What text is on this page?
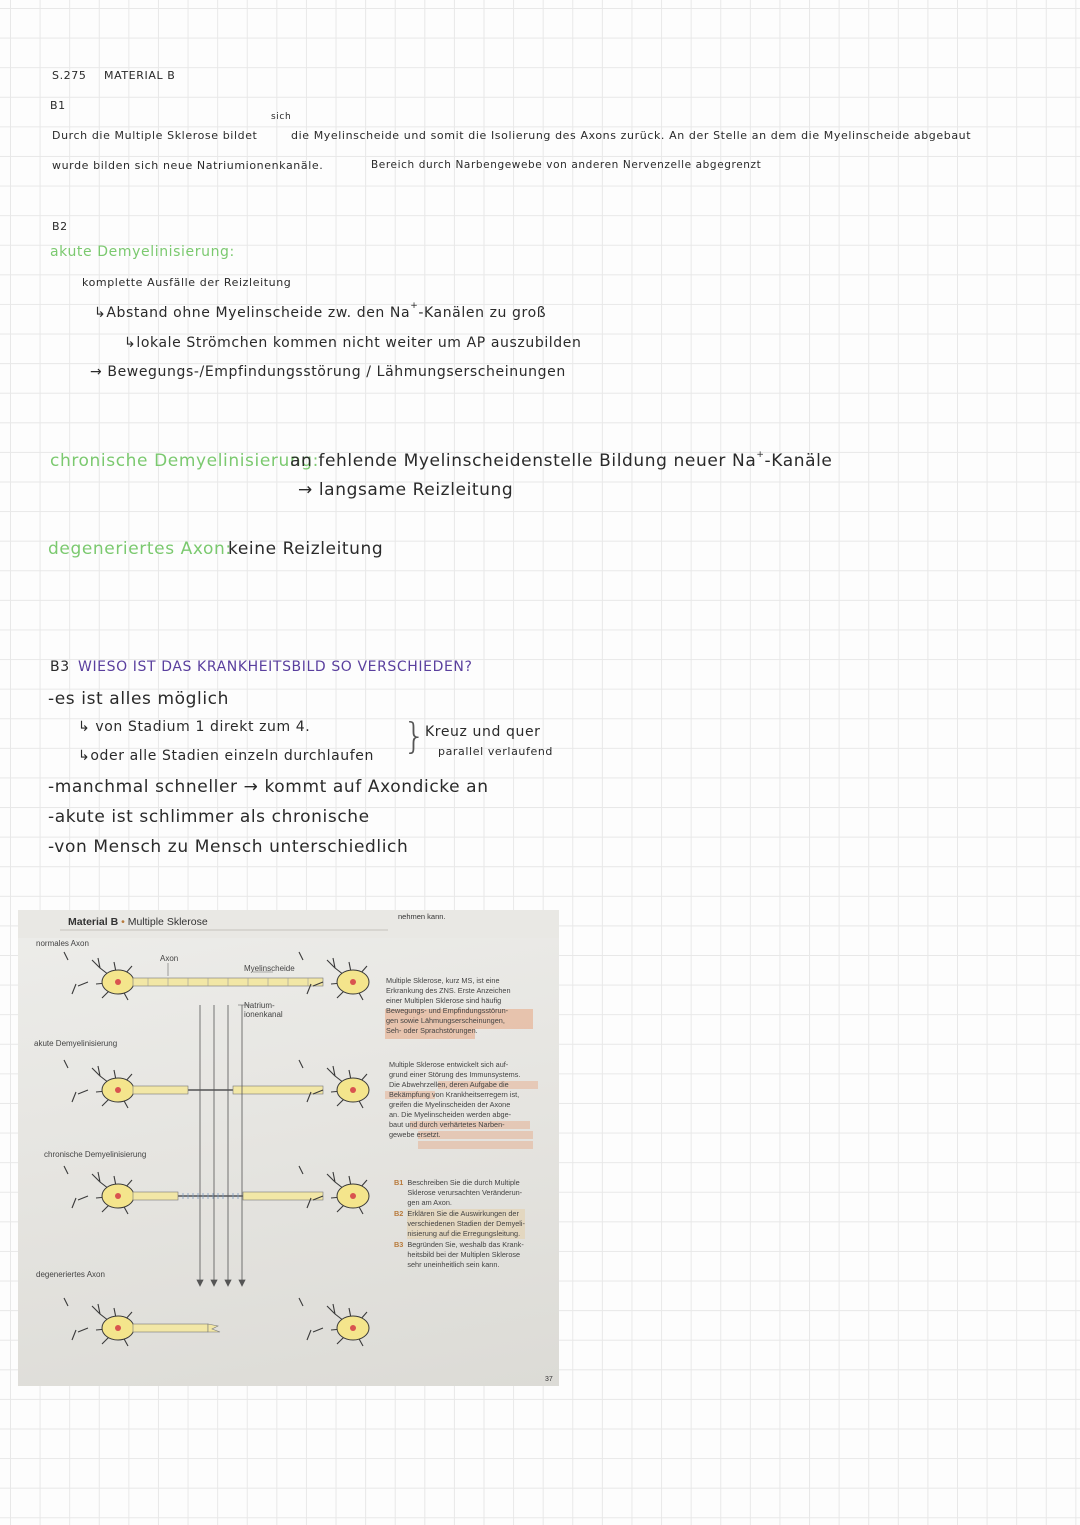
S.275 MATERIAL B
B1
sich
Durch die Multiple Sklerose bildet	die Myelinscheide und somit die Isolierung des Axons zurück. An der Stelle an dem die Myelinscheide abgebaut
wurde bilden sich neue Natriumionenkanäle.	Bereich durch Narbengewebe von anderen Nervenzelle abgegrenzt
B2
akute Demyelinisierung:
komplette Ausfälle der Reizleitung
↳Abstand ohne Myelinscheide zw. den Na+-Kanälen zu groß
↳lokale Strömchen kommen nicht weiter um AP auszubilden
→ Bewegungs-/Empfindungsstörung / Lähmungserscheinungen
chronische Demyelinisierung:
an fehlende Myelinscheidenstelle Bildung neuer Na+-Kanäle
→ langsame Reizleitung
degeneriertes Axon:
keine Reizleitung
B3 WIESO IST DAS KRANKHEITSBILD SO VERSCHIEDEN?
-es ist alles möglich
↳ von Stadium 1 direkt zum 4.
↳oder alle Stadien einzeln durchlaufen }
Kreuz und quer
parallel verlaufend
-manchmal schneller → kommt auf Axondicke an
-akute ist schlimmer als chronische
-von Mensch zu Mensch unterschiedlich
nehmen kann.
Material B • Multiple Sklerose
normales Axon
Axon
Myelinscheide
Natrium-
ionenkanal
akute Demyelinisierung
chronische Demyelinisierung
degeneriertes Axon
Multiple Sklerose, kurz MS, ist eine
Erkrankung des ZNS. Erste Anzeichen
einer Multiplen Sklerose sind häufig
Bewegungs- und Empfindungsstörun-
gen sowie Lähmungserscheinungen,
Seh- oder Sprachstörungen.
Multiple Sklerose entwickelt sich auf-
grund einer Störung des Immunsystems.
Die Abwehrzellen, deren Aufgabe die
Bekämpfung von Krankheitserregern ist,
greifen die Myelinscheiden der Axone
an. Die Myelinscheiden werden abge-
baut und durch verhärtetes Narben-
gewebe ersetzt.
B1 Beschreiben Sie die durch Multiple
Sklerose verursachten Veränderun-
gen am Axon.
B2 Erklären Sie die Auswirkungen der
verschiedenen Stadien der Demyeli-
nisierung auf die Erregungsleitung.
B3 Begründen Sie, weshalb das Krank-
heitsbild bei der Multiplen Sklerose
sehr uneinheitlich sein kann.
37
